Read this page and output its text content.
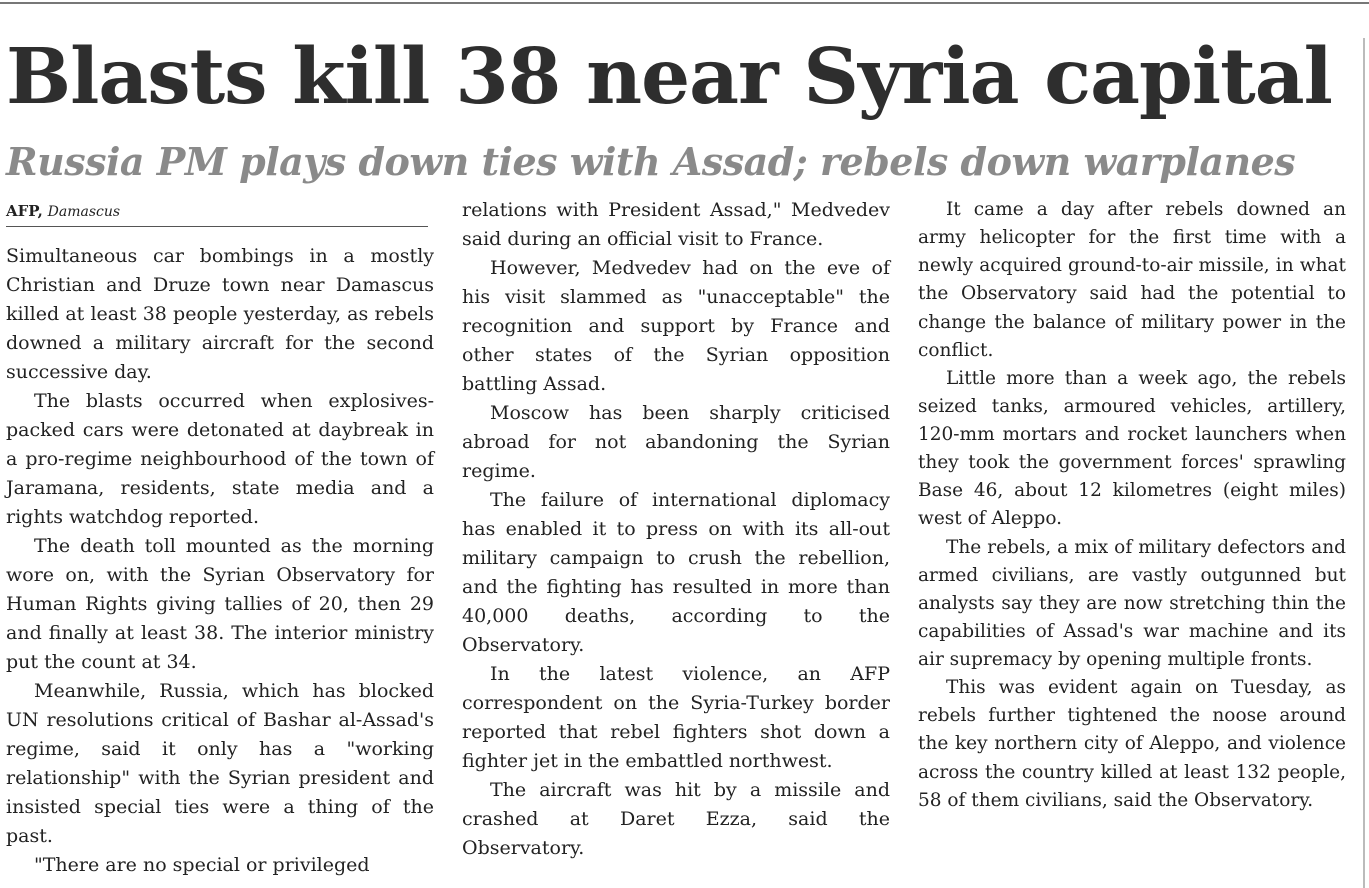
Blasts kill 38 near Syria capital
Russia PM plays down ties with Assad; rebels down warplanes
AFP, Damascus

Simultaneous car bombings in a mostly Christian and Druze town near Damascus killed at least 38 people yesterday, as rebels downed a military aircraft for the second successive day.

The blasts occurred when explosives-packed cars were detonated at daybreak in a pro-regime neighbourhood of the town of Jaramana, residents, state media and a rights watchdog reported.

The death toll mounted as the morning wore on, with the Syrian Observatory for Human Rights giving tallies of 20, then 29 and finally at least 38. The interior ministry put the count at 34.

Meanwhile, Russia, which has blocked UN resolutions critical of Bashar al-Assad's regime, said it only has a "working relationship" with the Syrian president and insisted special ties were a thing of the past.

"There are no special or privileged

relations with President Assad," Medvedev said during an official visit to France.

However, Medvedev had on the eve of his visit slammed as "unacceptable" the recognition and support by France and other states of the Syrian opposition battling Assad.

Moscow has been sharply criticised abroad for not abandoning the Syrian regime.

The failure of international diplomacy has enabled it to press on with its all-out military campaign to crush the rebellion, and the fighting has resulted in more than 40,000 deaths, according to the Observatory.

In the latest violence, an AFP correspondent on the Syria-Turkey border reported that rebel fighters shot down a fighter jet in the embattled northwest.

The aircraft was hit by a missile and crashed at Daret Ezza, said the Observatory.

It came a day after rebels downed an army helicopter for the first time with a newly acquired ground-to-air missile, in what the Observatory said had the potential to change the balance of military power in the conflict.

Little more than a week ago, the rebels seized tanks, armoured vehicles, artillery, 120-mm mortars and rocket launchers when they took the government forces' sprawling Base 46, about 12 kilometres (eight miles) west of Aleppo.

The rebels, a mix of military defectors and armed civilians, are vastly outgunned but analysts say they are now stretching thin the capabilities of Assad's war machine and its air supremacy by opening multiple fronts.

This was evident again on Tuesday, as rebels further tightened the noose around the key northern city of Aleppo, and violence across the country killed at least 132 people, 58 of them civilians, said the Observatory.
